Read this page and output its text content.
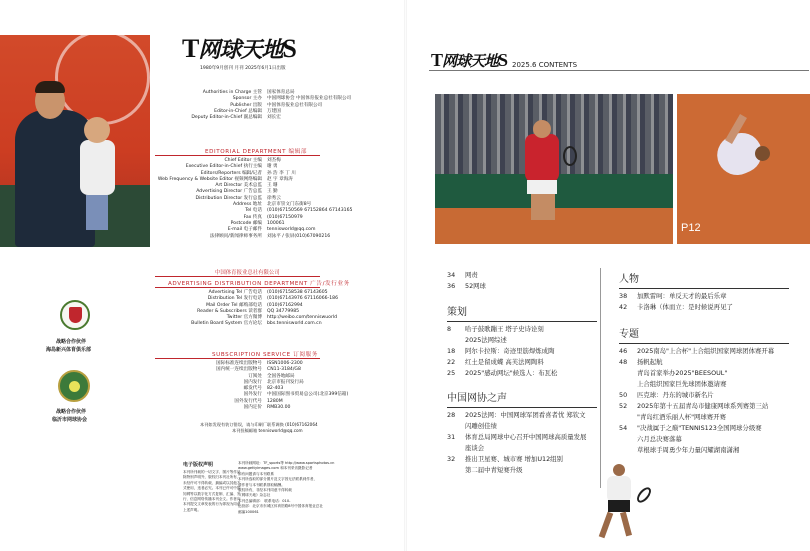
T网球天地S
1980年9月创刊 月刊 2025年6月1日出版
Authorities in Charge 主管 国家体育总局
Sponsor 主办 中国网球协会 中国体育报业总社有限公司
Publisher 出版 中国体育报业总社有限公司
Editor-in-Chief 总编辑 万建国
Deputy Editor-in-Chief 副总编辑 刘长宏
EDITORIAL DEPARTMENT 编辑部
Chief Editor 主编 刘杰梅
Executive Editor-in-Chief 执行主编 谢 勇
Editors/Reporters 编辑/记者 孙 浩 李 丁 川
Web Frequency & Website Editor 视频网络编辑 赵 宇 章海涛
Art Director 美术总监 王 珊
Advertising Director 广告总监 王 勤
Distribution Director 发行总监 徐秀云
Address 地址 北京市崇文门东街8号
Tel 电话 (010)67150569 67152864 67143165
Fax 传真 (010)67150979
Postcode 邮编 100061
E-mail 电子邮件 tennisworld@qq.com
法律顾问/新闻律师事务所 刘泳平 / 张屏(010)67090216
中国体育报业总社有限公司
ADVERTISING DISTRIBUTION DEPARTMENT 广告/发行业务
Advertising Tel 广告电话 (010)67158538 67143605
Distribution Tel 发行电话 (010)67143976 67116066-186
Mail Order Tel 邮购部电话 (010)67162994
Reader & Subscribers 读者群 QQ 34779985
Twitter 官方微博 http://weibo.com/tenniswuorld
Bulletin Board System 官方论坛 bbs.tennisworld.com.cn
SUBSCRIPTION SERVICE 订阅服务
国际标准连续出版物号 ISSN1006-2300
国内统一连续出版物号 CN11-3184/G8
订阅处 全国各地邮局
国内发行 北京市报刊发行局
邮发代号 82-403
国外发行 中国国际图书贸易总公司(北京399信箱)
国外发行代号 1280M
国内定价 RMB30.00
本刊如发现有装订错误，请与印刷厂联系调换 (010)67162064
本刊投稿邮箱 tennisworld@qq.com
战略合作伙伴
海岛新兴体育俱乐部
战略合作伙伴
临沂市网球协会
电子版权声明
本刊所刊载的一切文字、图片等作品
除特别声明外，版权归本刊社所有，
未经许可不得转载、摘编或以其他方
式使用，违者必究。本刊已许可中国
知网等以数字化方式复制、汇编、发
行、信息网络传播本刊全文。作者向
本刊提交文章发表的行为即视为同意
上述声明。
本刊所载网址：TF_sports等 http://www.sportsphotos.cn
www.gettyimages.com 和本刊采访摄影记者
如有问题请与本刊联系
本刊所选取的部分图片及文字因无法联系到作者，
请作者与本刊联系领取稿酬。
版权所有，非经本刊同意不得转载
《网球天地》杂志社
本刊总编辑部： 联系电话：010-
运营部：北京市东城区体育馆路8号中国体育报业总社
邮编100061
T网球天地S 2025.6 CONTENTS
P12
34 网责
36 52网球
策划
8 哈子鼓歌蹦王 塔子史诗诠刻
2025法网综述
18 阿尔卡拉斯：奇迹里筋焊炼成陶
22 红土是留成蝶 高芙法网陶料
25 2025"感动网坛"候选人：布瓦松
中国网协之声
28 2025法网：中国网球军团看喜者忧 郑钦文
闪雕创佳绩
31 体育总局网球中心召开中国网球高质量发展
座谈会
32 推出卫星赛、城市赛 增加U12组别
第二届中青短赛升级
人物
38 加默雷呵：单反天才的最后乐章
42 卡洛琳（体而立：是时候说再见了
专题
46 2025南岛"上合杯"上合组织国家网球团体赛开幕
48 扬帆起航
青岛首家举办2025"BEESOUL"
上合组织国家巨先球团体邀请赛
50 匹克球：丹东的城市新名片
52 2025年第十五届青岛市健康网球系列赛第三站
"青岛红酒乐丽人杯"网球赛开赛
54 "决战属于之巅"TENNIS123全国网球分级赛
六月总决赛落幕
草根球手周勇少年力量闪耀湖南潇湘
